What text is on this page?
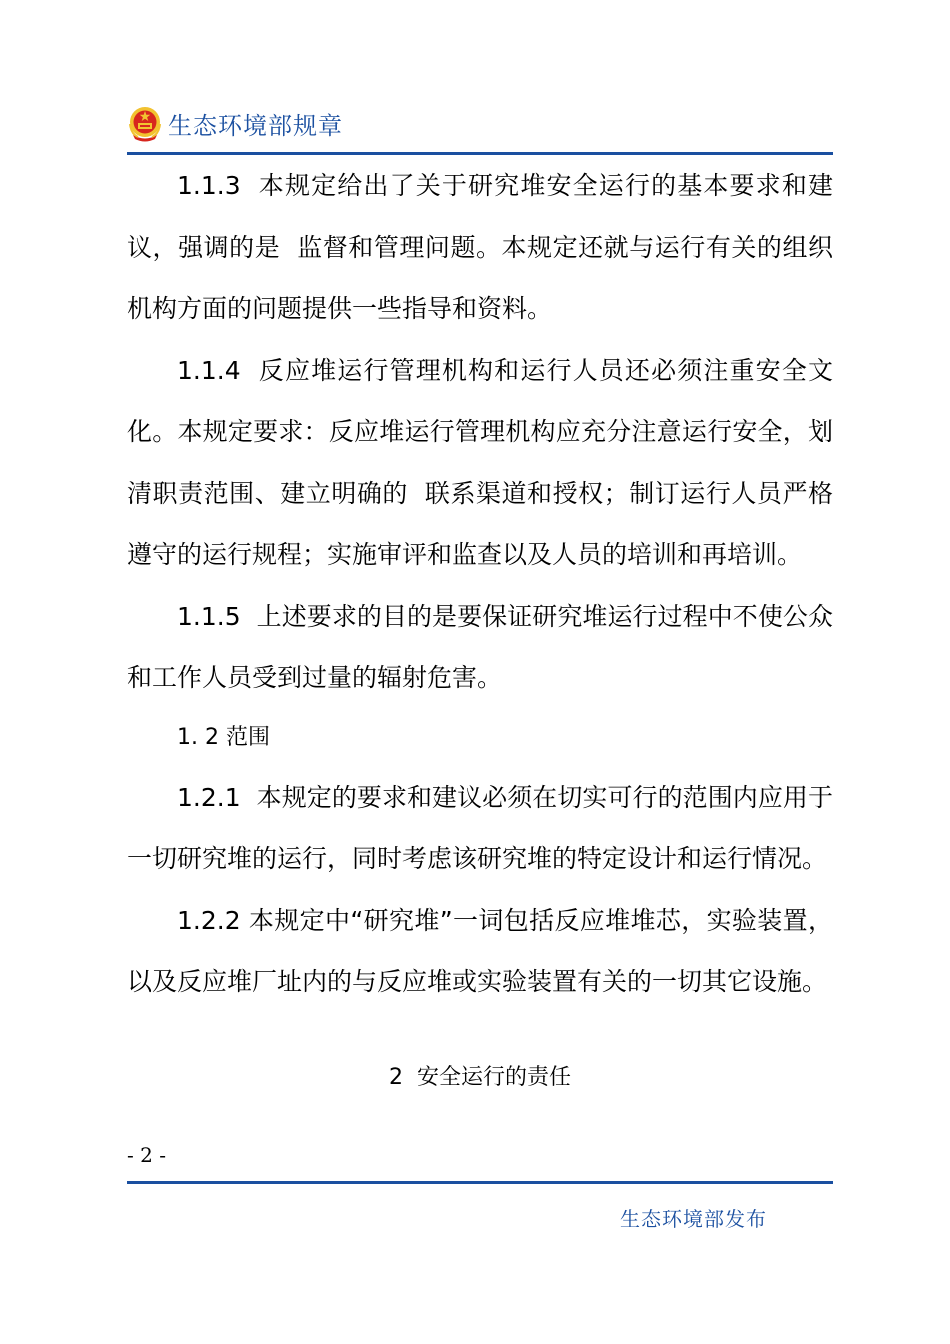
生态环境部规章

1.1.3  本规定给出了关于研究堆安全运行的基本要求和建议，强调的是  监督和管理问题。本规定还就与运行有关的组织机构方面的问题提供一些指导和资料。

1.1.4  反应堆运行管理机构和运行人员还必须注重安全文化。本规定要求：反应堆运行管理机构应充分注意运行安全，划清职责范围、建立明确的  联系渠道和授权；制订运行人员严格遵守的运行规程；实施审评和监查以及人员的培训和再培训。

1.1.5  上述要求的目的是要保证研究堆运行过程中不使公众和工作人员受到过量的辐射危害。

1. 2 范围

1.2.1  本规定的要求和建议必须在切实可行的范围内应用于一切研究堆的运行，同时考虑该研究堆的特定设计和运行情况。

1.2.2 本规定中“研究堆”一词包括反应堆堆芯，实验装置，以及反应堆厂址内的与反应堆或实验装置有关的一切其它设施。

2  安全运行的责任
- 2 -
生态环境部发布
